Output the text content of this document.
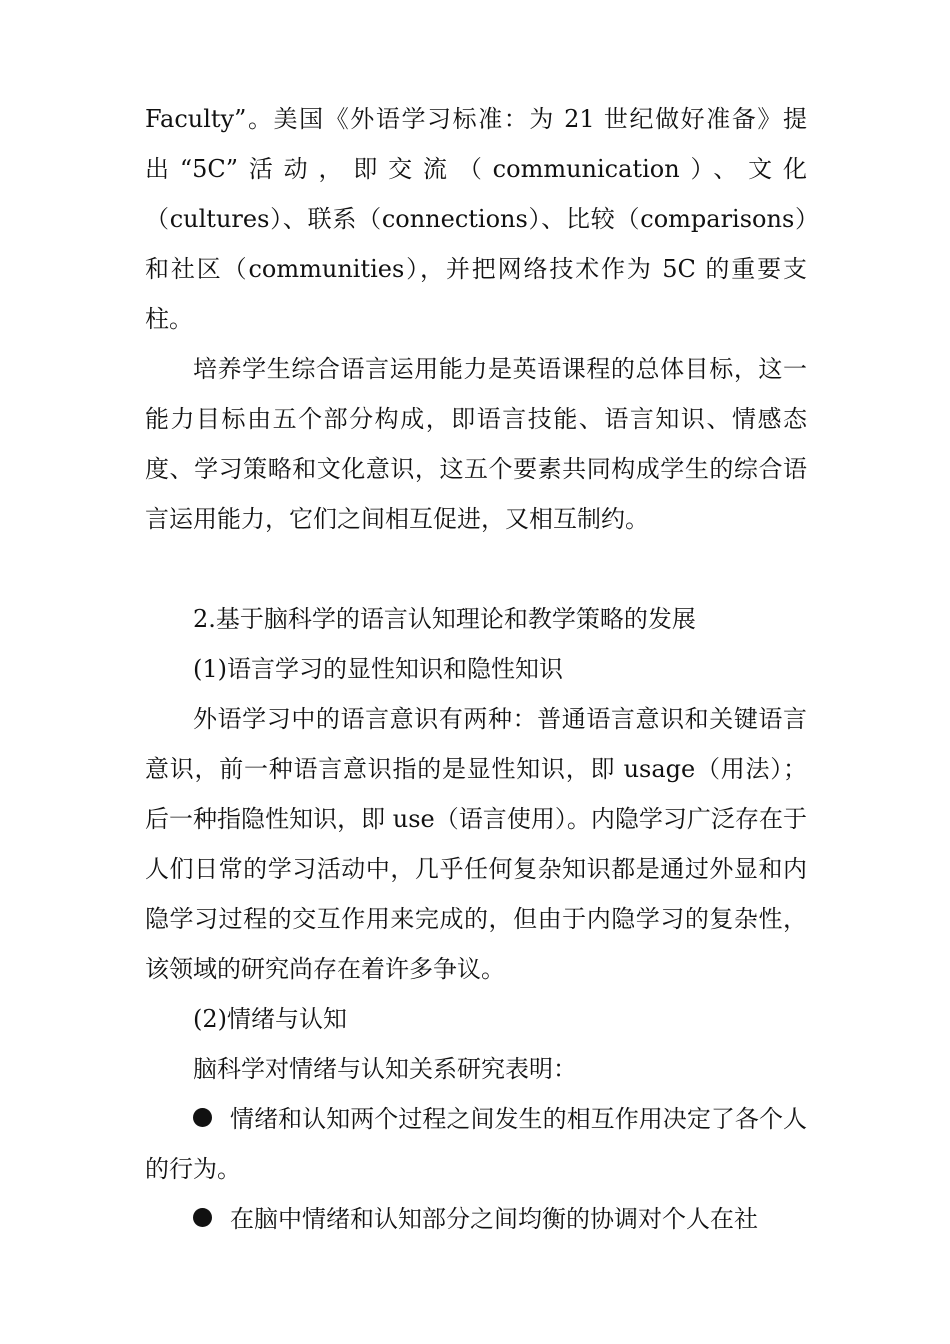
Faculty”。美国《外语学习标准：为 21 世纪做好准备》提出“5C”活动，即交流（communication）、文化（cultures）、联系（connections）、比较（comparisons）和社区（communities），并把网络技术作为 5C 的重要支柱。

培养学生综合语言运用能力是英语课程的总体目标，这一能力目标由五个部分构成，即语言技能、语言知识、情感态度、学习策略和文化意识，这五个要素共同构成学生的综合语言运用能力，它们之间相互促进，又相互制约。

2.基于脑科学的语言认知理论和教学策略的发展

(1)语言学习的显性知识和隐性知识

外语学习中的语言意识有两种：普通语言意识和关键语言意识，前一种语言意识指的是显性知识，即 usage（用法）；后一种指隐性知识，即 use（语言使用）。内隐学习广泛存在于人们日常的学习活动中，几乎任何复杂知识都是通过外显和内隐学习过程的交互作用来完成的，但由于内隐学习的复杂性，该领域的研究尚存在着许多争议。

(2)情绪与认知

脑科学对情绪与认知关系研究表明：

情绪和认知两个过程之间发生的相互作用决定了各个人的行为。

在脑中情绪和认知部分之间均衡的协调对个人在社
